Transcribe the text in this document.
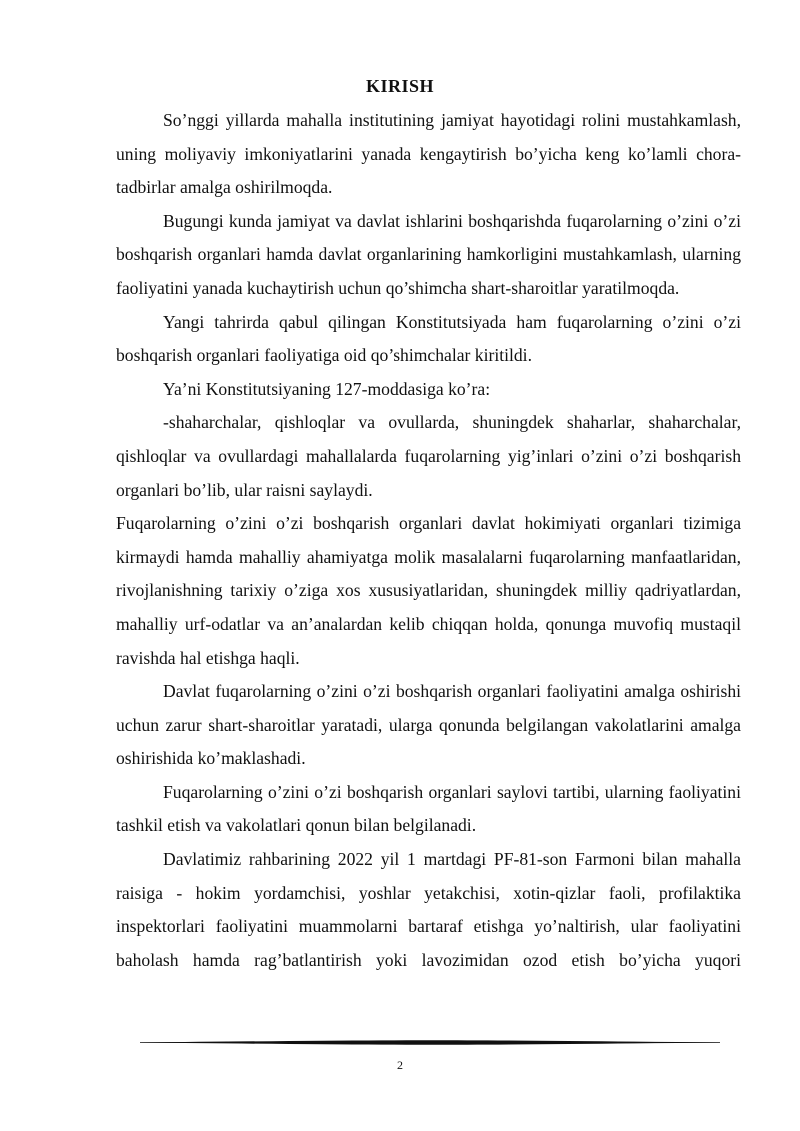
KIRISH

So’nggi yillarda mahalla institutining jamiyat hayotidagi rolini mustahkamlash, uning moliyaviy imkoniyatlarini yanada kengaytirish bo’yicha keng ko’lamli chora-tadbirlar amalga oshirilmoqda.

Bugungi kunda jamiyat va davlat ishlarini boshqarishda fuqarolarning o’zini o’zi boshqarish organlari hamda davlat organlarining hamkorligini mustahkamlash, ularning faoliyatini yanada kuchaytirish uchun qo’shimcha shart-sharoitlar yaratilmoqda.

Yangi tahrirda qabul qilingan Konstitutsiyada ham fuqarolarning o’zini o’zi boshqarish organlari faoliyatiga oid qo’shimchalar kiritildi.

Ya’ni Konstitutsiyaning 127-moddasiga ko’ra:

-shaharchalar, qishloqlar va ovullarda, shuningdek shaharlar, shaharchalar, qishloqlar va ovullardagi mahallalarda fuqarolarning yig’inlari o’zini o’zi boshqarish organlari bo’lib, ular raisni saylaydi.

Fuqarolarning o’zini o’zi boshqarish organlari davlat hokimiyati organlari tizimiga kirmaydi hamda mahalliy ahamiyatga molik masalalarni fuqarolarning manfaatlaridan, rivojlanishning tarixiy o’ziga xos xususiyatlaridan, shuningdek milliy qadriyatlardan, mahalliy urf-odatlar va an’analardan kelib chiqqan holda, qonunga muvofiq mustaqil ravishda hal etishga haqli.

Davlat fuqarolarning o’zini o’zi boshqarish organlari faoliyatini amalga oshirishi uchun zarur shart-sharoitlar yaratadi, ularga qonunda belgilangan vakolatlarini amalga oshirishida ko’maklashadi.

Fuqarolarning o’zini o’zi boshqarish organlari saylovi tartibi, ularning faoliyatini tashkil etish va vakolatlari qonun bilan belgilanadi.

Davlatimiz rahbarining 2022 yil 1 martdagi PF-81-son Farmoni bilan mahalla raisiga - hokim yordamchisi, yoshlar yetakchisi, xotin-qizlar faoli, profilaktika inspektorlari faoliyatini muammolarni bartaraf etishga yo’naltirish, ular faoliyatini baholash hamda rag’batlantirish yoki lavozimidan ozod etish bo’yicha yuqori

2
